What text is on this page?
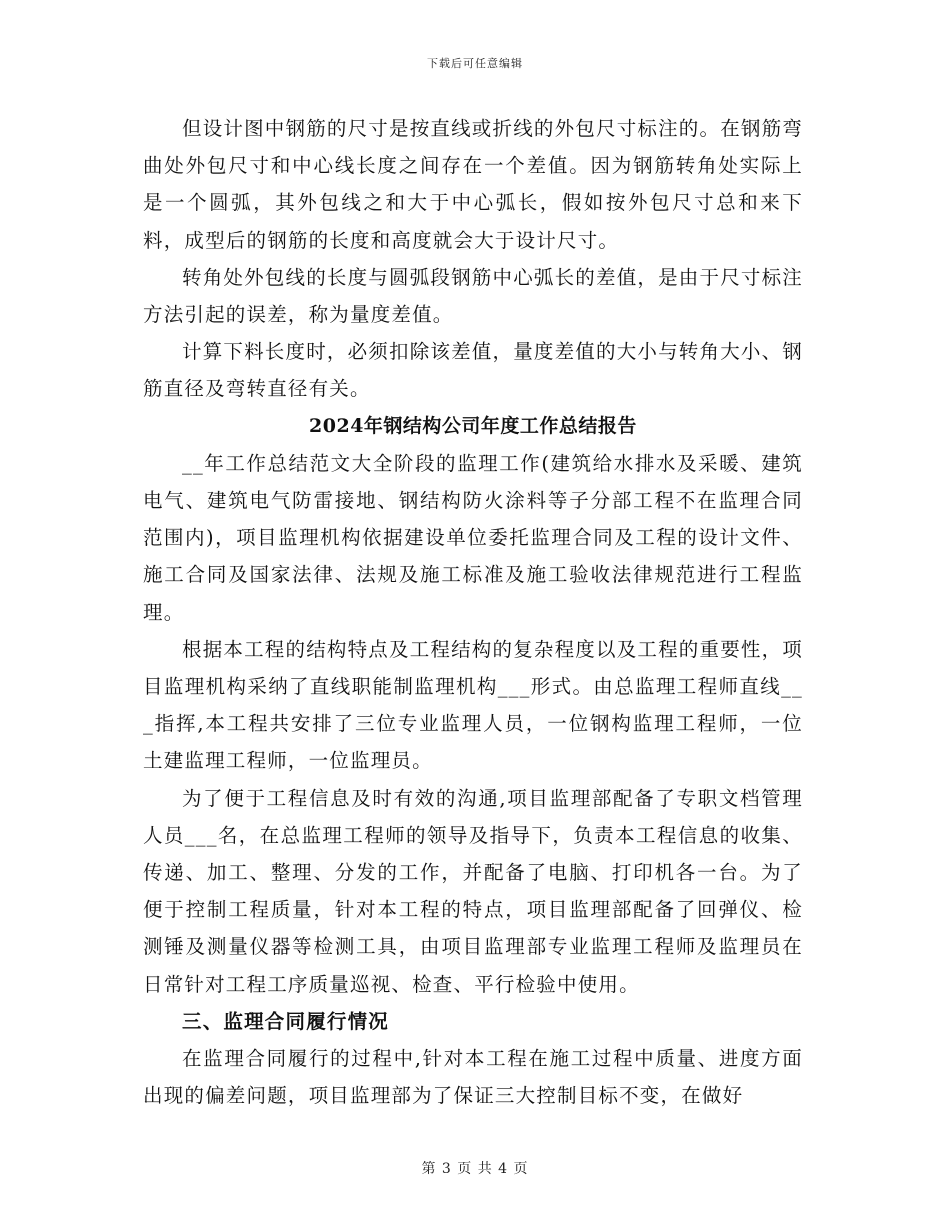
下载后可任意编辑

但设计图中钢筋的尺寸是按直线或折线的外包尺寸标注的。在钢筋弯曲处外包尺寸和中心线长度之间存在一个差值。因为钢筋转角处实际上是一个圆弧，其外包线之和大于中心弧长，假如按外包尺寸总和来下料，成型后的钢筋的长度和高度就会大于设计尺寸。

转角处外包线的长度与圆弧段钢筋中心弧长的差值，是由于尺寸标注方法引起的误差，称为量度差值。

计算下料长度时，必须扣除该差值，量度差值的大小与转角大小、钢筋直径及弯转直径有关。

2024年钢结构公司年度工作总结报告

__年工作总结范文大全阶段的监理工作(建筑给水排水及采暖、建筑电气、建筑电气防雷接地、钢结构防火涂料等子分部工程不在监理合同范围内)，项目监理机构依据建设单位委托监理合同及工程的设计文件、施工合同及国家法律、法规及施工标准及施工验收法律规范进行工程监理。

根据本工程的结构特点及工程结构的复杂程度以及工程的重要性，项目监理机构采纳了直线职能制监理机构___形式。由总监理工程师直线___指挥,本工程共安排了三位专业监理人员，一位钢构监理工程师，一位土建监理工程师，一位监理员。

为了便于工程信息及时有效的沟通,项目监理部配备了专职文档管理人员___名，在总监理工程师的领导及指导下，负责本工程信息的收集、传递、加工、整理、分发的工作，并配备了电脑、打印机各一台。为了便于控制工程质量，针对本工程的特点，项目监理部配备了回弹仪、检测锤及测量仪器等检测工具，由项目监理部专业监理工程师及监理员在日常针对工程工序质量巡视、检查、平行检验中使用。

三、监理合同履行情况

在监理合同履行的过程中,针对本工程在施工过程中质量、进度方面出现的偏差问题，项目监理部为了保证三大控制目标不变，在做好

第 3 页 共 4 页
